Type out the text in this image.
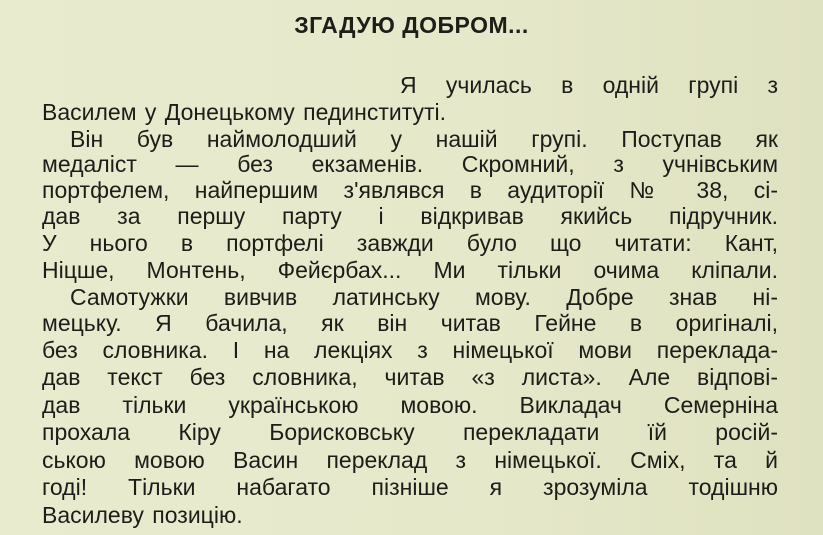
ЗГАДУЮ ДОБРОМ...
Я училась в одній групі з
Василем у Донецькому пединституті.
Він був наймолодший у нашій групі. Поступав як
медаліст — без екзаменів. Скромний, з учнівським
портфелем, найпершим з'являвся в аудиторії № 38, сі-
дав за першу парту і відкривав якийсь підручник.
У нього в портфелі завжди було що читати: Кант,
Ніцше, Монтень, Фейєрбах... Ми тільки очима кліпали.
Самотужки вивчив латинську мову. Добре знав ні-
мецьку. Я бачила, як він читав Гейне в оригіналі,
без словника. І на лекціях з німецької мови переклада-
дав текст без словника, читав «з листа». Але відпові-
дав тільки українською мовою. Викладач Семерніна
прохала Кіру Борисковську перекладати їй росій-
ською мовою Васин переклад з німецької. Сміх, та й
годі! Тільки набагато пізніше я зрозуміла тодішню
Василеву позицію.
